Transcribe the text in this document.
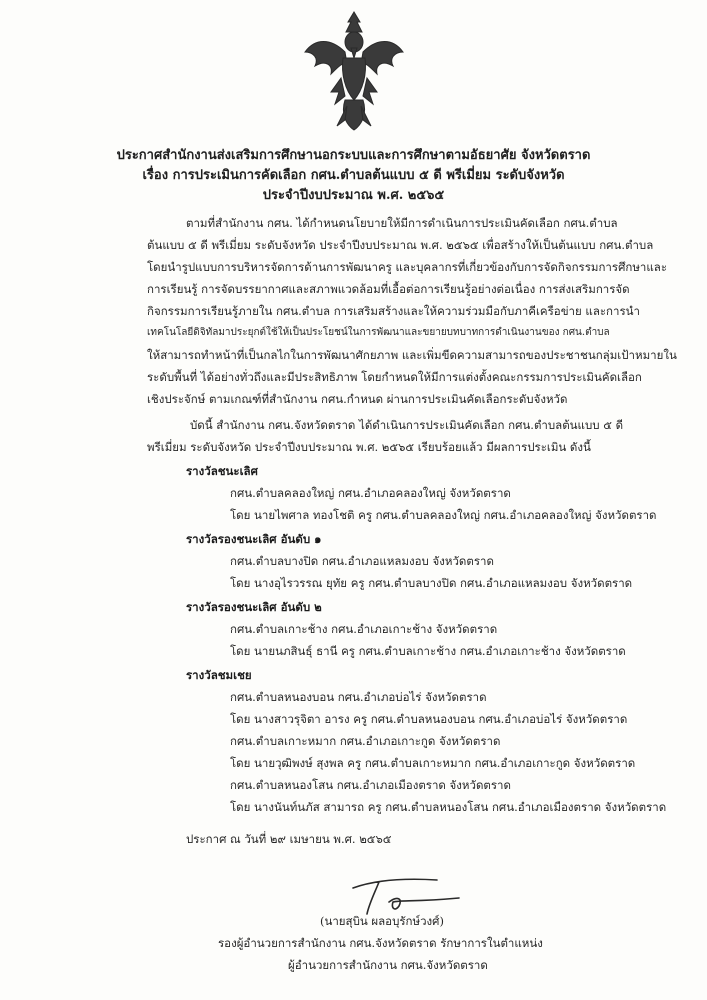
ประกาศสำนักงานส่งเสริมการศึกษานอกระบบและการศึกษาตามอัธยาศัย จังหวัดตราด
เรื่อง การประเมินการคัดเลือก กศน.ตำบลต้นแบบ ๕ ดี พรีเมี่ยม ระดับจังหวัด
ประจำปีงบประมาณ พ.ศ. ๒๕๖๕
ตามที่สำนักงาน กศน. ได้กำหนดนโยบายให้มีการดำเนินการประเมินคัดเลือก กศน.ตำบล
ต้นแบบ ๕ ดี พรีเมี่ยม ระดับจังหวัด ประจำปีงบประมาณ พ.ศ. ๒๕๖๕ เพื่อสร้างให้เป็นต้นแบบ กศน.ตำบล
โดยนำรูปแบบการบริหารจัดการด้านการพัฒนาครู และบุคลากรที่เกี่ยวข้องกับการจัดกิจกรรมการศึกษาและ
การเรียนรู้ การจัดบรรยากาศและสภาพแวดล้อมที่เอื้อต่อการเรียนรู้อย่างต่อเนื่อง การส่งเสริมการจัด
กิจกรรมการเรียนรู้ภายใน กศน.ตำบล การเสริมสร้างและให้ความร่วมมือกับภาคีเครือข่าย และการนำ
เทคโนโลยีดิจิทัลมาประยุกต์ใช้ให้เป็นประโยชน์ในการพัฒนาและขยายบทบาทการดำเนินงานของ กศน.ตำบล
ให้สามารถทำหน้าที่เป็นกลไกในการพัฒนาศักยภาพ และเพิ่มขีดความสามารถของประชาชนกลุ่มเป้าหมายใน
ระดับพื้นที่ ได้อย่างทั่วถึงและมีประสิทธิภาพ โดยกำหนดให้มีการแต่งตั้งคณะกรรมการประเมินคัดเลือก
เชิงประจักษ์ ตามเกณฑ์ที่สำนักงาน กศน.กำหนด ผ่านการประเมินคัดเลือกระดับจังหวัด
บัดนี้ สำนักงาน กศน.จังหวัดตราด ได้ดำเนินการประเมินคัดเลือก กศน.ตำบลต้นแบบ ๕ ดี
พรีเมี่ยม ระดับจังหวัด ประจำปีงบประมาณ พ.ศ. ๒๕๖๕ เรียบร้อยแล้ว มีผลการประเมิน ดังนี้
รางวัลชนะเลิศ
กศน.ตำบลคลองใหญ่ กศน.อำเภอคลองใหญ่ จังหวัดตราด
โดย นายไพศาล ทองโชติ ครู กศน.ตำบลคลองใหญ่ กศน.อำเภอคลองใหญ่ จังหวัดตราด
รางวัลรองชนะเลิศ อันดับ ๑
กศน.ตำบลบางปิด กศน.อำเภอแหลมงอบ จังหวัดตราด
โดย นางอุไรวรรณ ยุทัย ครู กศน.ตำบลบางปิด กศน.อำเภอแหลมงอบ จังหวัดตราด
รางวัลรองชนะเลิศ อันดับ ๒
กศน.ตำบลเกาะช้าง กศน.อำเภอเกาะช้าง จังหวัดตราด
โดย นายนภสินธุ์ ธานี ครู กศน.ตำบลเกาะช้าง กศน.อำเภอเกาะช้าง จังหวัดตราด
รางวัลชมเชย
กศน.ตำบลหนองบอน กศน.อำเภอบ่อไร่ จังหวัดตราด
โดย นางสาวรุจิตา อารง ครู กศน.ตำบลหนองบอน กศน.อำเภอบ่อไร่ จังหวัดตราด
กศน.ตำบลเกาะหมาก กศน.อำเภอเกาะกูด จังหวัดตราด
โดย นายวุฒิพงษ์ สุงพล ครู กศน.ตำบลเกาะหมาก กศน.อำเภอเกาะกูด จังหวัดตราด
กศน.ตำบลหนองโสน กศน.อำเภอเมืองตราด จังหวัดตราด
โดย นางนันท์นภัส สามารถ ครู กศน.ตำบลหนองโสน กศน.อำเภอเมืองตราด จังหวัดตราด
ประกาศ ณ วันที่ ๒๙ เมษายน พ.ศ. ๒๕๖๕
(นายสุบิน ผลอบุรักษ์วงศ์)
รองผู้อำนวยการสำนักงาน กศน.จังหวัดตราด รักษาการในตำแหน่ง
ผู้อำนวยการสำนักงาน กศน.จังหวัดตราด
